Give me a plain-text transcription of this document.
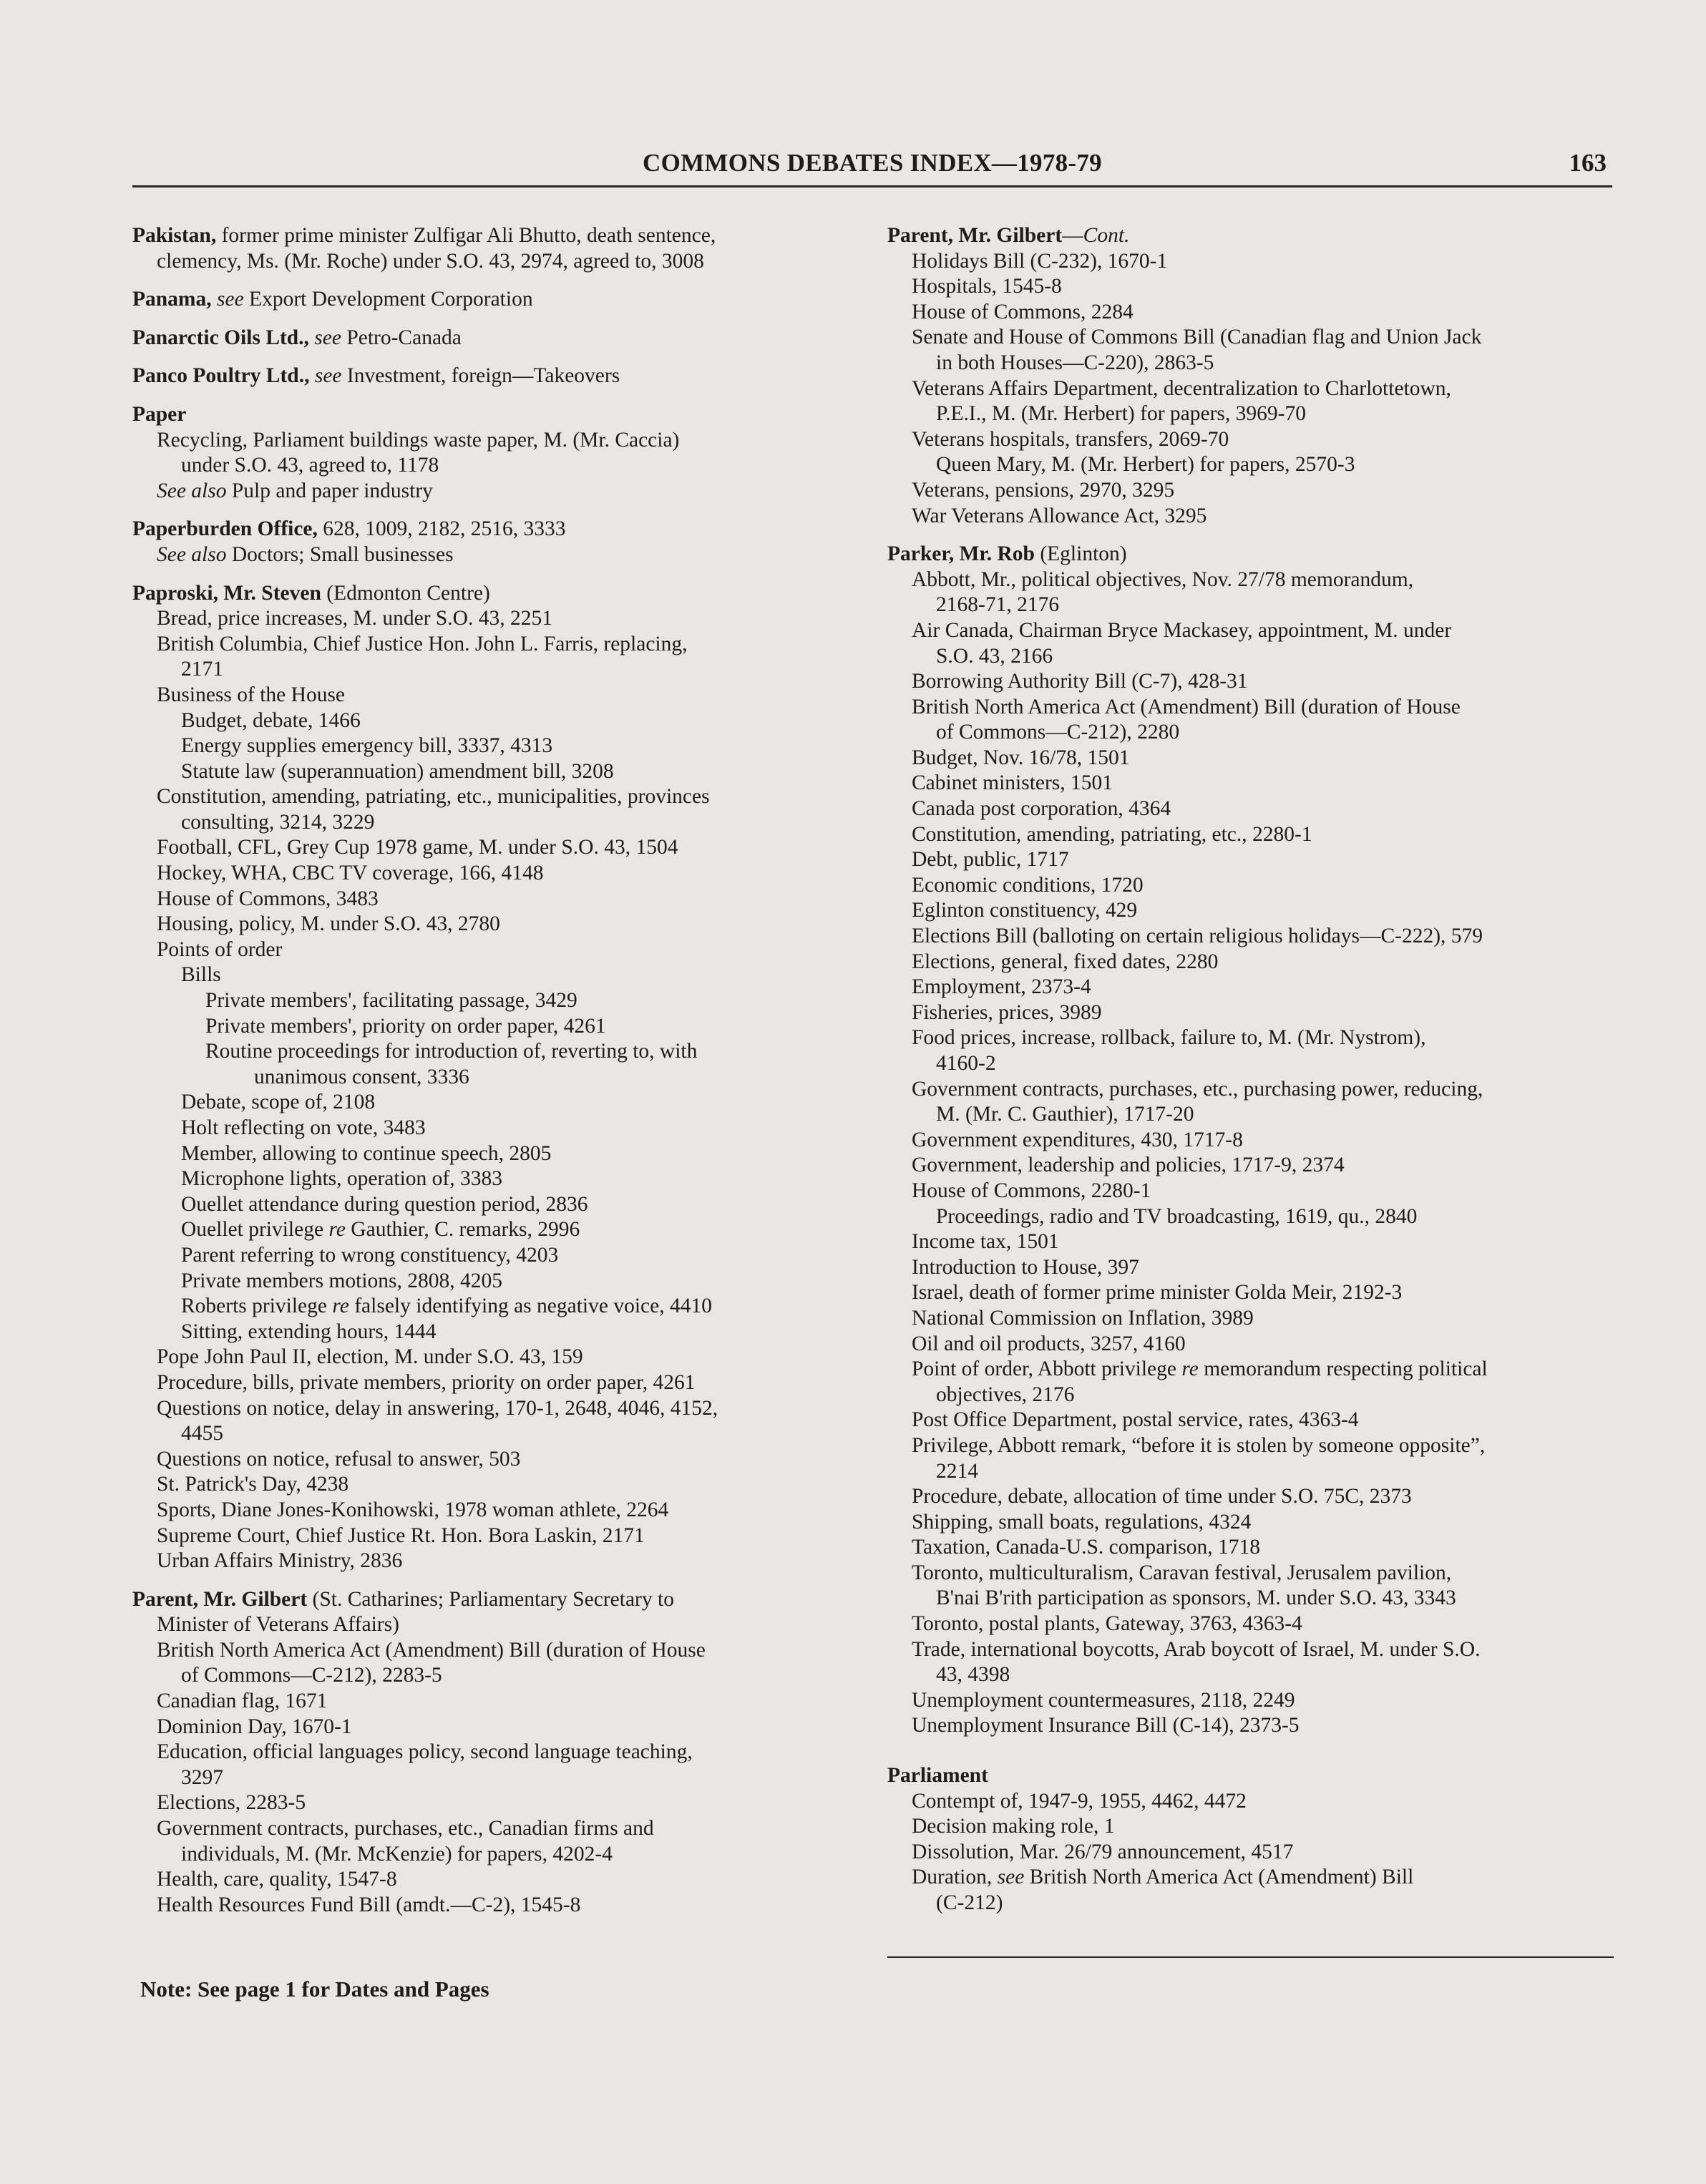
COMMONS DEBATES INDEX—1978-79	163
Pakistan, former prime minister Zulfigar Ali Bhutto, death sentence,
clemency, Ms. (Mr. Roche) under S.O. 43, 2974, agreed to, 3008
Panama, see Export Development Corporation
Panarctic Oils Ltd., see Petro-Canada
Panco Poultry Ltd., see Investment, foreign—Takeovers
Paper
Recycling, Parliament buildings waste paper, M. (Mr. Caccia)
under S.O. 43, agreed to, 1178
See also Pulp and paper industry
Paperburden Office, 628, 1009, 2182, 2516, 3333
See also Doctors; Small businesses
Paproski, Mr. Steven (Edmonton Centre)
Bread, price increases, M. under S.O. 43, 2251
British Columbia, Chief Justice Hon. John L. Farris, replacing,
2171
Business of the House
Budget, debate, 1466
Energy supplies emergency bill, 3337, 4313
Statute law (superannuation) amendment bill, 3208
Constitution, amending, patriating, etc., municipalities, provinces
consulting, 3214, 3229
Football, CFL, Grey Cup 1978 game, M. under S.O. 43, 1504
Hockey, WHA, CBC TV coverage, 166, 4148
House of Commons, 3483
Housing, policy, M. under S.O. 43, 2780
Points of order
Bills
Private members', facilitating passage, 3429
Private members', priority on order paper, 4261
Routine proceedings for introduction of, reverting to, with
unanimous consent, 3336
Debate, scope of, 2108
Holt reflecting on vote, 3483
Member, allowing to continue speech, 2805
Microphone lights, operation of, 3383
Ouellet attendance during question period, 2836
Ouellet privilege re Gauthier, C. remarks, 2996
Parent referring to wrong constituency, 4203
Private members motions, 2808, 4205
Roberts privilege re falsely identifying as negative voice, 4410
Sitting, extending hours, 1444
Pope John Paul II, election, M. under S.O. 43, 159
Procedure, bills, private members, priority on order paper, 4261
Questions on notice, delay in answering, 170-1, 2648, 4046, 4152,
4455
Questions on notice, refusal to answer, 503
St. Patrick's Day, 4238
Sports, Diane Jones-Konihowski, 1978 woman athlete, 2264
Supreme Court, Chief Justice Rt. Hon. Bora Laskin, 2171
Urban Affairs Ministry, 2836
Parent, Mr. Gilbert (St. Catharines; Parliamentary Secretary to
Minister of Veterans Affairs)
British North America Act (Amendment) Bill (duration of House
of Commons—C-212), 2283-5
Canadian flag, 1671
Dominion Day, 1670-1
Education, official languages policy, second language teaching,
3297
Elections, 2283-5
Government contracts, purchases, etc., Canadian firms and
individuals, M. (Mr. McKenzie) for papers, 4202-4
Health, care, quality, 1547-8
Health Resources Fund Bill (amdt.—C-2), 1545-8
Parent, Mr. Gilbert—Cont.
Holidays Bill (C-232), 1670-1
Hospitals, 1545-8
House of Commons, 2284
Senate and House of Commons Bill (Canadian flag and Union Jack
in both Houses—C-220), 2863-5
Veterans Affairs Department, decentralization to Charlottetown,
P.E.I., M. (Mr. Herbert) for papers, 3969-70
Veterans hospitals, transfers, 2069-70
Queen Mary, M. (Mr. Herbert) for papers, 2570-3
Veterans, pensions, 2970, 3295
War Veterans Allowance Act, 3295
Parker, Mr. Rob (Eglinton)
Abbott, Mr., political objectives, Nov. 27/78 memorandum,
2168-71, 2176
Air Canada, Chairman Bryce Mackasey, appointment, M. under
S.O. 43, 2166
Borrowing Authority Bill (C-7), 428-31
British North America Act (Amendment) Bill (duration of House
of Commons—C-212), 2280
Budget, Nov. 16/78, 1501
Cabinet ministers, 1501
Canada post corporation, 4364
Constitution, amending, patriating, etc., 2280-1
Debt, public, 1717
Economic conditions, 1720
Eglinton constituency, 429
Elections Bill (balloting on certain religious holidays—C-222), 579
Elections, general, fixed dates, 2280
Employment, 2373-4
Fisheries, prices, 3989
Food prices, increase, rollback, failure to, M. (Mr. Nystrom),
4160-2
Government contracts, purchases, etc., purchasing power, reducing,
M. (Mr. C. Gauthier), 1717-20
Government expenditures, 430, 1717-8
Government, leadership and policies, 1717-9, 2374
House of Commons, 2280-1
Proceedings, radio and TV broadcasting, 1619, qu., 2840
Income tax, 1501
Introduction to House, 397
Israel, death of former prime minister Golda Meir, 2192-3
National Commission on Inflation, 3989
Oil and oil products, 3257, 4160
Point of order, Abbott privilege re memorandum respecting political
objectives, 2176
Post Office Department, postal service, rates, 4363-4
Privilege, Abbott remark, “before it is stolen by someone opposite”,
2214
Procedure, debate, allocation of time under S.O. 75C, 2373
Shipping, small boats, regulations, 4324
Taxation, Canada-U.S. comparison, 1718
Toronto, multiculturalism, Caravan festival, Jerusalem pavilion,
B'nai B'rith participation as sponsors, M. under S.O. 43, 3343
Toronto, postal plants, Gateway, 3763, 4363-4
Trade, international boycotts, Arab boycott of Israel, M. under S.O.
43, 4398
Unemployment countermeasures, 2118, 2249
Unemployment Insurance Bill (C-14), 2373-5
Parliament
Contempt of, 1947-9, 1955, 4462, 4472
Decision making role, 1
Dissolution, Mar. 26/79 announcement, 4517
Duration, see British North America Act (Amendment) Bill
(C-212)
Note: See page 1 for Dates and Pages
